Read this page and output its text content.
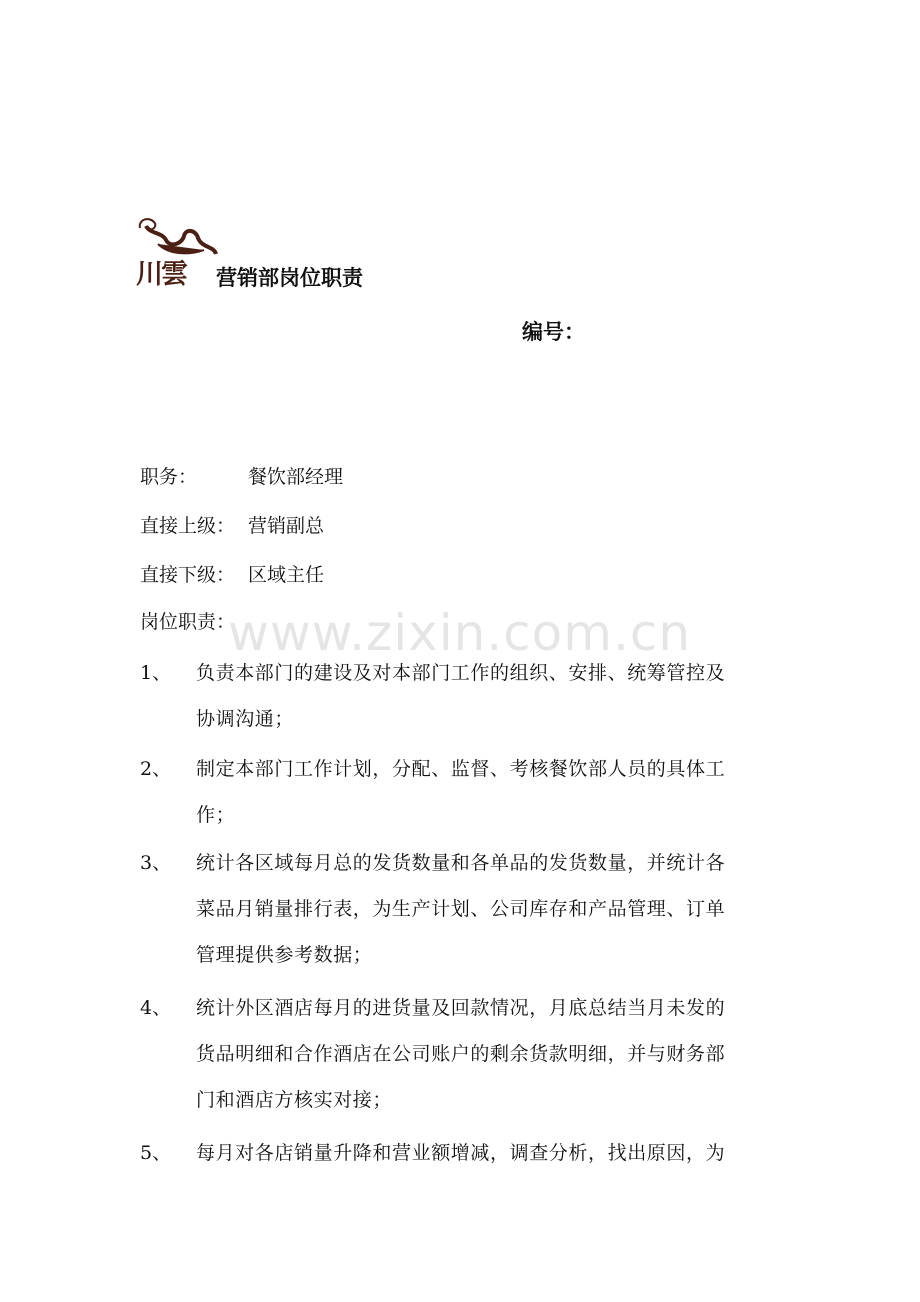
川雲	营销部岗位职责
编号：
职务：	餐饮部经理
直接上级： 营销副总
直接下级： 区域主任
岗位职责：
www.zixin.com.cn
1、 负责本部门的建设及对本部门工作的组织、安排、统筹管控及
协调沟通；
2、 制定本部门工作计划，分配、监督、考核餐饮部人员的具体工
作；
3、 统计各区域每月总的发货数量和各单品的发货数量，并统计各
菜品月销量排行表，为生产计划、公司库存和产品管理、订单
管理提供参考数据；
4、 统计外区酒店每月的进货量及回款情况，月底总结当月未发的
货品明细和合作酒店在公司账户的剩余货款明细，并与财务部
门和酒店方核实对接；
5、 每月对各店销量升降和营业额增减，调查分析，找出原因，为
